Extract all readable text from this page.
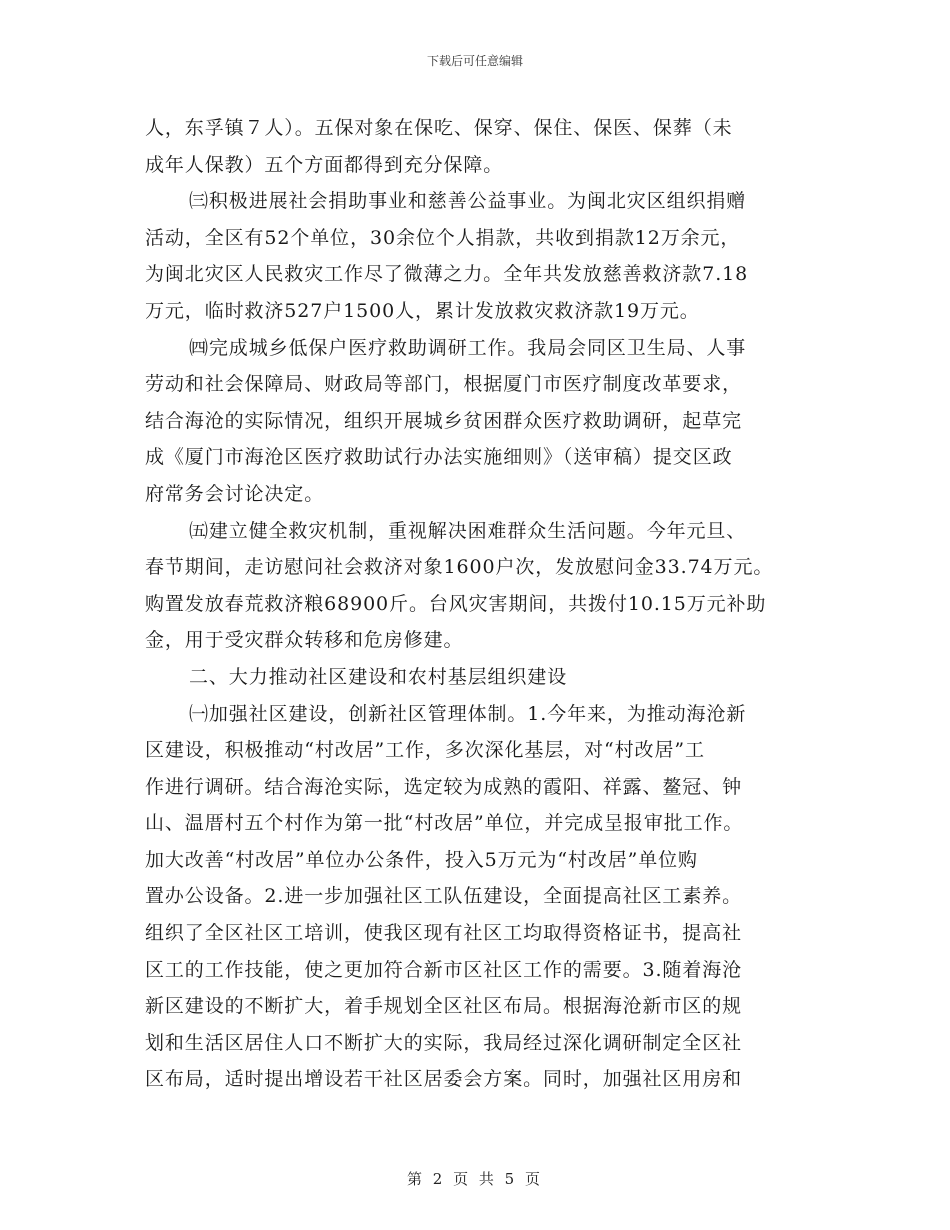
下载后可任意编辑
人，东孚镇７人）。五保对象在保吃、保穿、保住、保医、保葬（未
成年人保教）五个方面都得到充分保障。
㈢积极进展社会捐助事业和慈善公益事业。为闽北灾区组织捐赠
活动，全区有52个单位，30余位个人捐款，共收到捐款12万余元，
为闽北灾区人民救灾工作尽了微薄之力。全年共发放慈善救济款7.18
万元，临时救济527户1500人，累计发放救灾救济款19万元。
㈣完成城乡低保户医疗救助调研工作。我局会同区卫生局、人事
劳动和社会保障局、财政局等部门，根据厦门市医疗制度改革要求，
结合海沧的实际情况，组织开展城乡贫困群众医疗救助调研，起草完
成《厦门市海沧区医疗救助试行办法实施细则》（送审稿）提交区政
府常务会讨论决定。
㈤建立健全救灾机制，重视解决困难群众生活问题。今年元旦、
春节期间，走访慰问社会救济对象1600户次，发放慰问金33.74万元。
购置发放春荒救济粮68900斤。台风灾害期间，共拨付10.15万元补助
金，用于受灾群众转移和危房修建。
二、大力推动社区建设和农村基层组织建设
㈠加强社区建设，创新社区管理体制。1.今年来，为推动海沧新
区建设，积极推动“村改居”工作，多次深化基层，对“村改居”工
作进行调研。结合海沧实际，选定较为成熟的霞阳、祥露、鳌冠、钟
山、温厝村五个村作为第一批“村改居”单位，并完成呈报审批工作。
加大改善“村改居”单位办公条件，投入5万元为“村改居”单位购
置办公设备。2.进一步加强社区工队伍建设，全面提高社区工素养。
组织了全区社区工培训，使我区现有社区工均取得资格证书，提高社
区工的工作技能，使之更加符合新市区社区工作的需要。3.随着海沧
新区建设的不断扩大，着手规划全区社区布局。根据海沧新市区的规
划和生活区居住人口不断扩大的实际，我局经过深化调研制定全区社
区布局，适时提出增设若干社区居委会方案。同时，加强社区用房和
第 2 页 共 5 页
